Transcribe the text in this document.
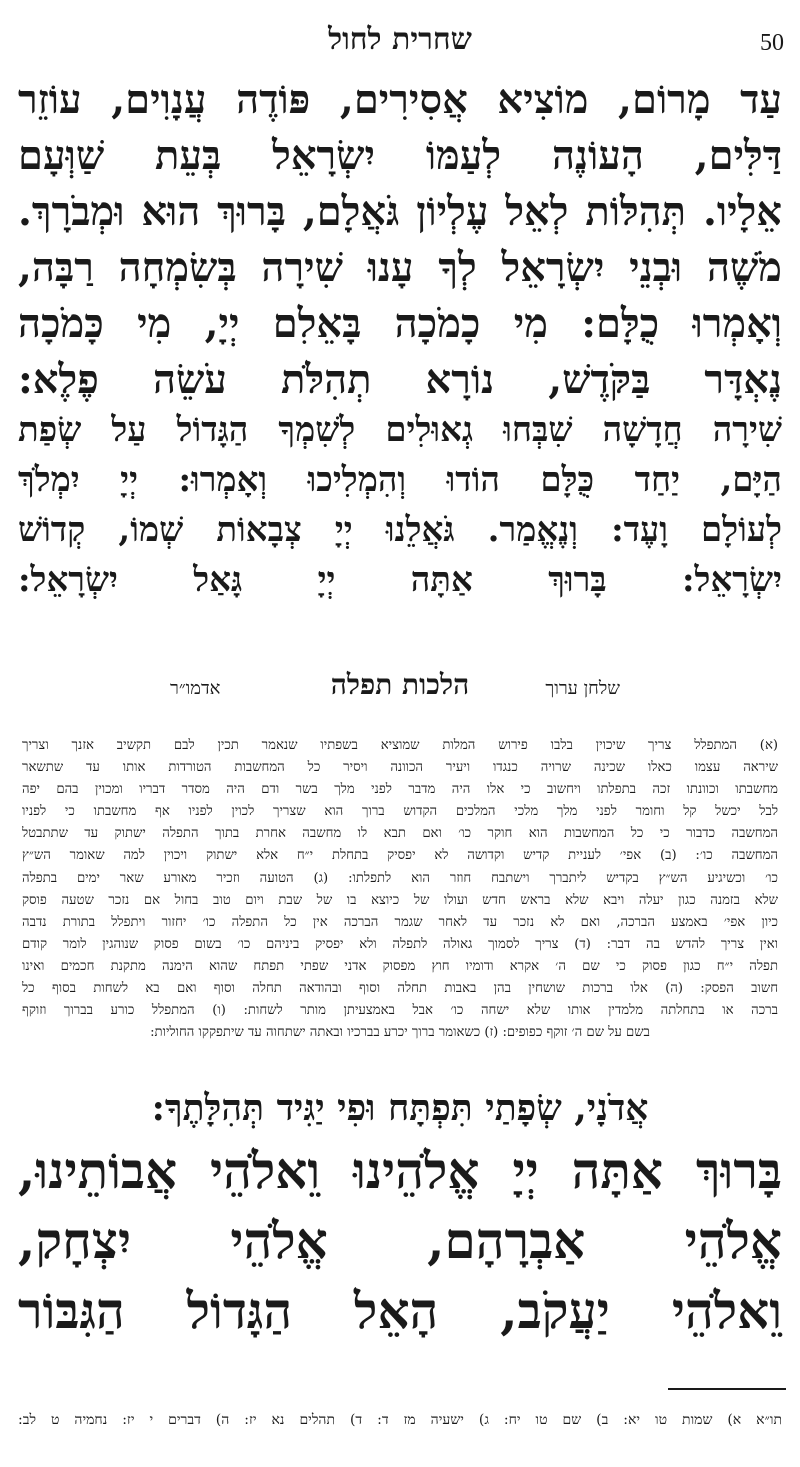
50
שחרית לחול
עַד מָרוֹם, מוֹצִיא אֲסִירִים, פּוֹדֶה עֲנָוִים, עוֹזֵר
דַּלִּים, הָעוֹנֶה לְעַמּוֹ יִשְׂרָאֵל בְּעֵת שַׁוְּעָם
אֵלָיו. תְּהִלּוֹת לְאֵל עֶלְיוֹן גֹּאֲלָם, בָּרוּךְ הוּא וּמְבֹרָךְ.
מֹשֶׁה וּבְנֵי יִשְׂרָאֵל לְךָ עָנוּ שִׁירָה בְּשִׂמְחָה רַבָּה,
וְאָמְרוּ כֻלָּם: מִי כָמֹכָה בָּאֵלִם יְיָ, מִי כָּמֹכָה
נֶאְדָּר בַּקֹּדֶשׁ, נוֹרָא תְהִלֹּת עֹשֵׂה פֶלֶא:
שִׁירָה חֲדָשָׁה שִׁבְּחוּ גְאוּלִים לְשִׁמְךָ הַגָּדוֹל עַל שְׂפַת
הַיָּם, יַחַד כֻּלָּם הוֹדוּ וְהִמְלִיכוּ וְאָמְרוּ: יְיָ יִמְלֹךְ
לְעוֹלָם וָעֶד: וְנֶאֱמַר. גֹּאֲלֵנוּ יְיָ צְבָאוֹת שְׁמוֹ, קְדוֹשׁ
יִשְׂרָאֵל: בָּרוּךְ אַתָּה יְיָ גָּאַל יִשְׂרָאֵל:
שלחן ערוך
הלכות תפלה
אדמו״ר
(א) המתפלל צריך שיכוין בלבו פירוש המלות שמוציא בשפתיו שנאמר תכין לבם תקשיב אזנך וצריך
שיראה עצמו כאלו שכינה שרויה כנגדו ויעיר הכוונה ויסיר כל המחשבות הטורדות אותו עד שתשאר
מחשבתו וכוונתו זכה בתפלתו ויחשוב כי אלו היה מדבר לפני מלך בשר ודם היה מסדר דבריו ומכוין בהם יפה
לבל יכשל קל וחומר לפני מלך מלכי המלכים הקדוש ברוך הוא שצריך לכוין לפניו אף מחשבתו כי לפניו
המחשבה כדבור כי כל המחשבות הוא חוקר כו׳ ואם תבא לו מחשבה אחרת בתוך התפלה ישתוק עד שתתבטל
המחשבה כו׳: (ב) אפי׳ לעניית קדיש וקדושה לא יפסיק בתחלת י״ח אלא ישתוק ויכוין למה שאומר הש״ץ
כו׳ וכשיגיע הש״ץ בקדיש ליתברך וישתבח חוזר הוא לתפלתו: (ג) הטועה וזכיר מאורע שאר ימים בתפלה
שלא בזמנה כגון יעלה ויבא שלא בראש חדש ועולו של כיוצא בו של שבת ויום טוב בחול אם נזכר שטעה פוסק
כיון אפי׳ באמצע הברכה, ואם לא נזכר עד לאחר שגמר הברכה אין כל התפלה כו׳ יחזור ויתפלל בתורת נדבה
ואין צריך להדש בה דבר: (ד) צריך לסמוך גאולה לתפלה ולא יפסיק ביניהם כו׳ בשום פסוק שנוהגין לומר קודם
תפלה י״ח כגון פסוק כי שם ה׳ אקרא ודומיו חוץ מפסוק אדני שפתי תפתח שהוא הימנה מתקנת חכמים ואינו
חשוב הפסק: (ה) אלו ברכות שושחין בהן באבות תחלה וסוף ובהודאה תחלה וסוף ואם בא לשחות בסוף כל
ברכה או בתחלתה מלמדין אותו שלא ישחה כו׳ אבל באמצעיתן מותר לשחות: (ו) המתפלל כורע בברוך וזוקף
בשם על שם ה׳ זוקף כפופים: (ז) כשאומר ברוך יכרע בברכיו ובאתה ישתחוה עד שיתפקקו החוליות:
אֲדֹנָי, שְׂפָתַי תִּפְתָּח וּפִי יַגִּיד תְּהִלָּתֶךָ:
בָּרוּךְ אַתָּה יְיָ אֱלֹהֵינוּ וֵאלֹהֵי אֲבוֹתֵינוּ,
אֱלֹהֵי אַבְרָהָם, אֱלֹהֵי יִצְחָק,
וֵאלֹהֵי יַעֲקֹב, הָאֵל הַגָּדוֹל הַגִּבּוֹר
תו״א א) שמות טו יא: ב) שם טו יח: ג) ישעיה מז ד: ד) תהלים נא יז: ה) דברים י יז: נחמיה ט לב:
